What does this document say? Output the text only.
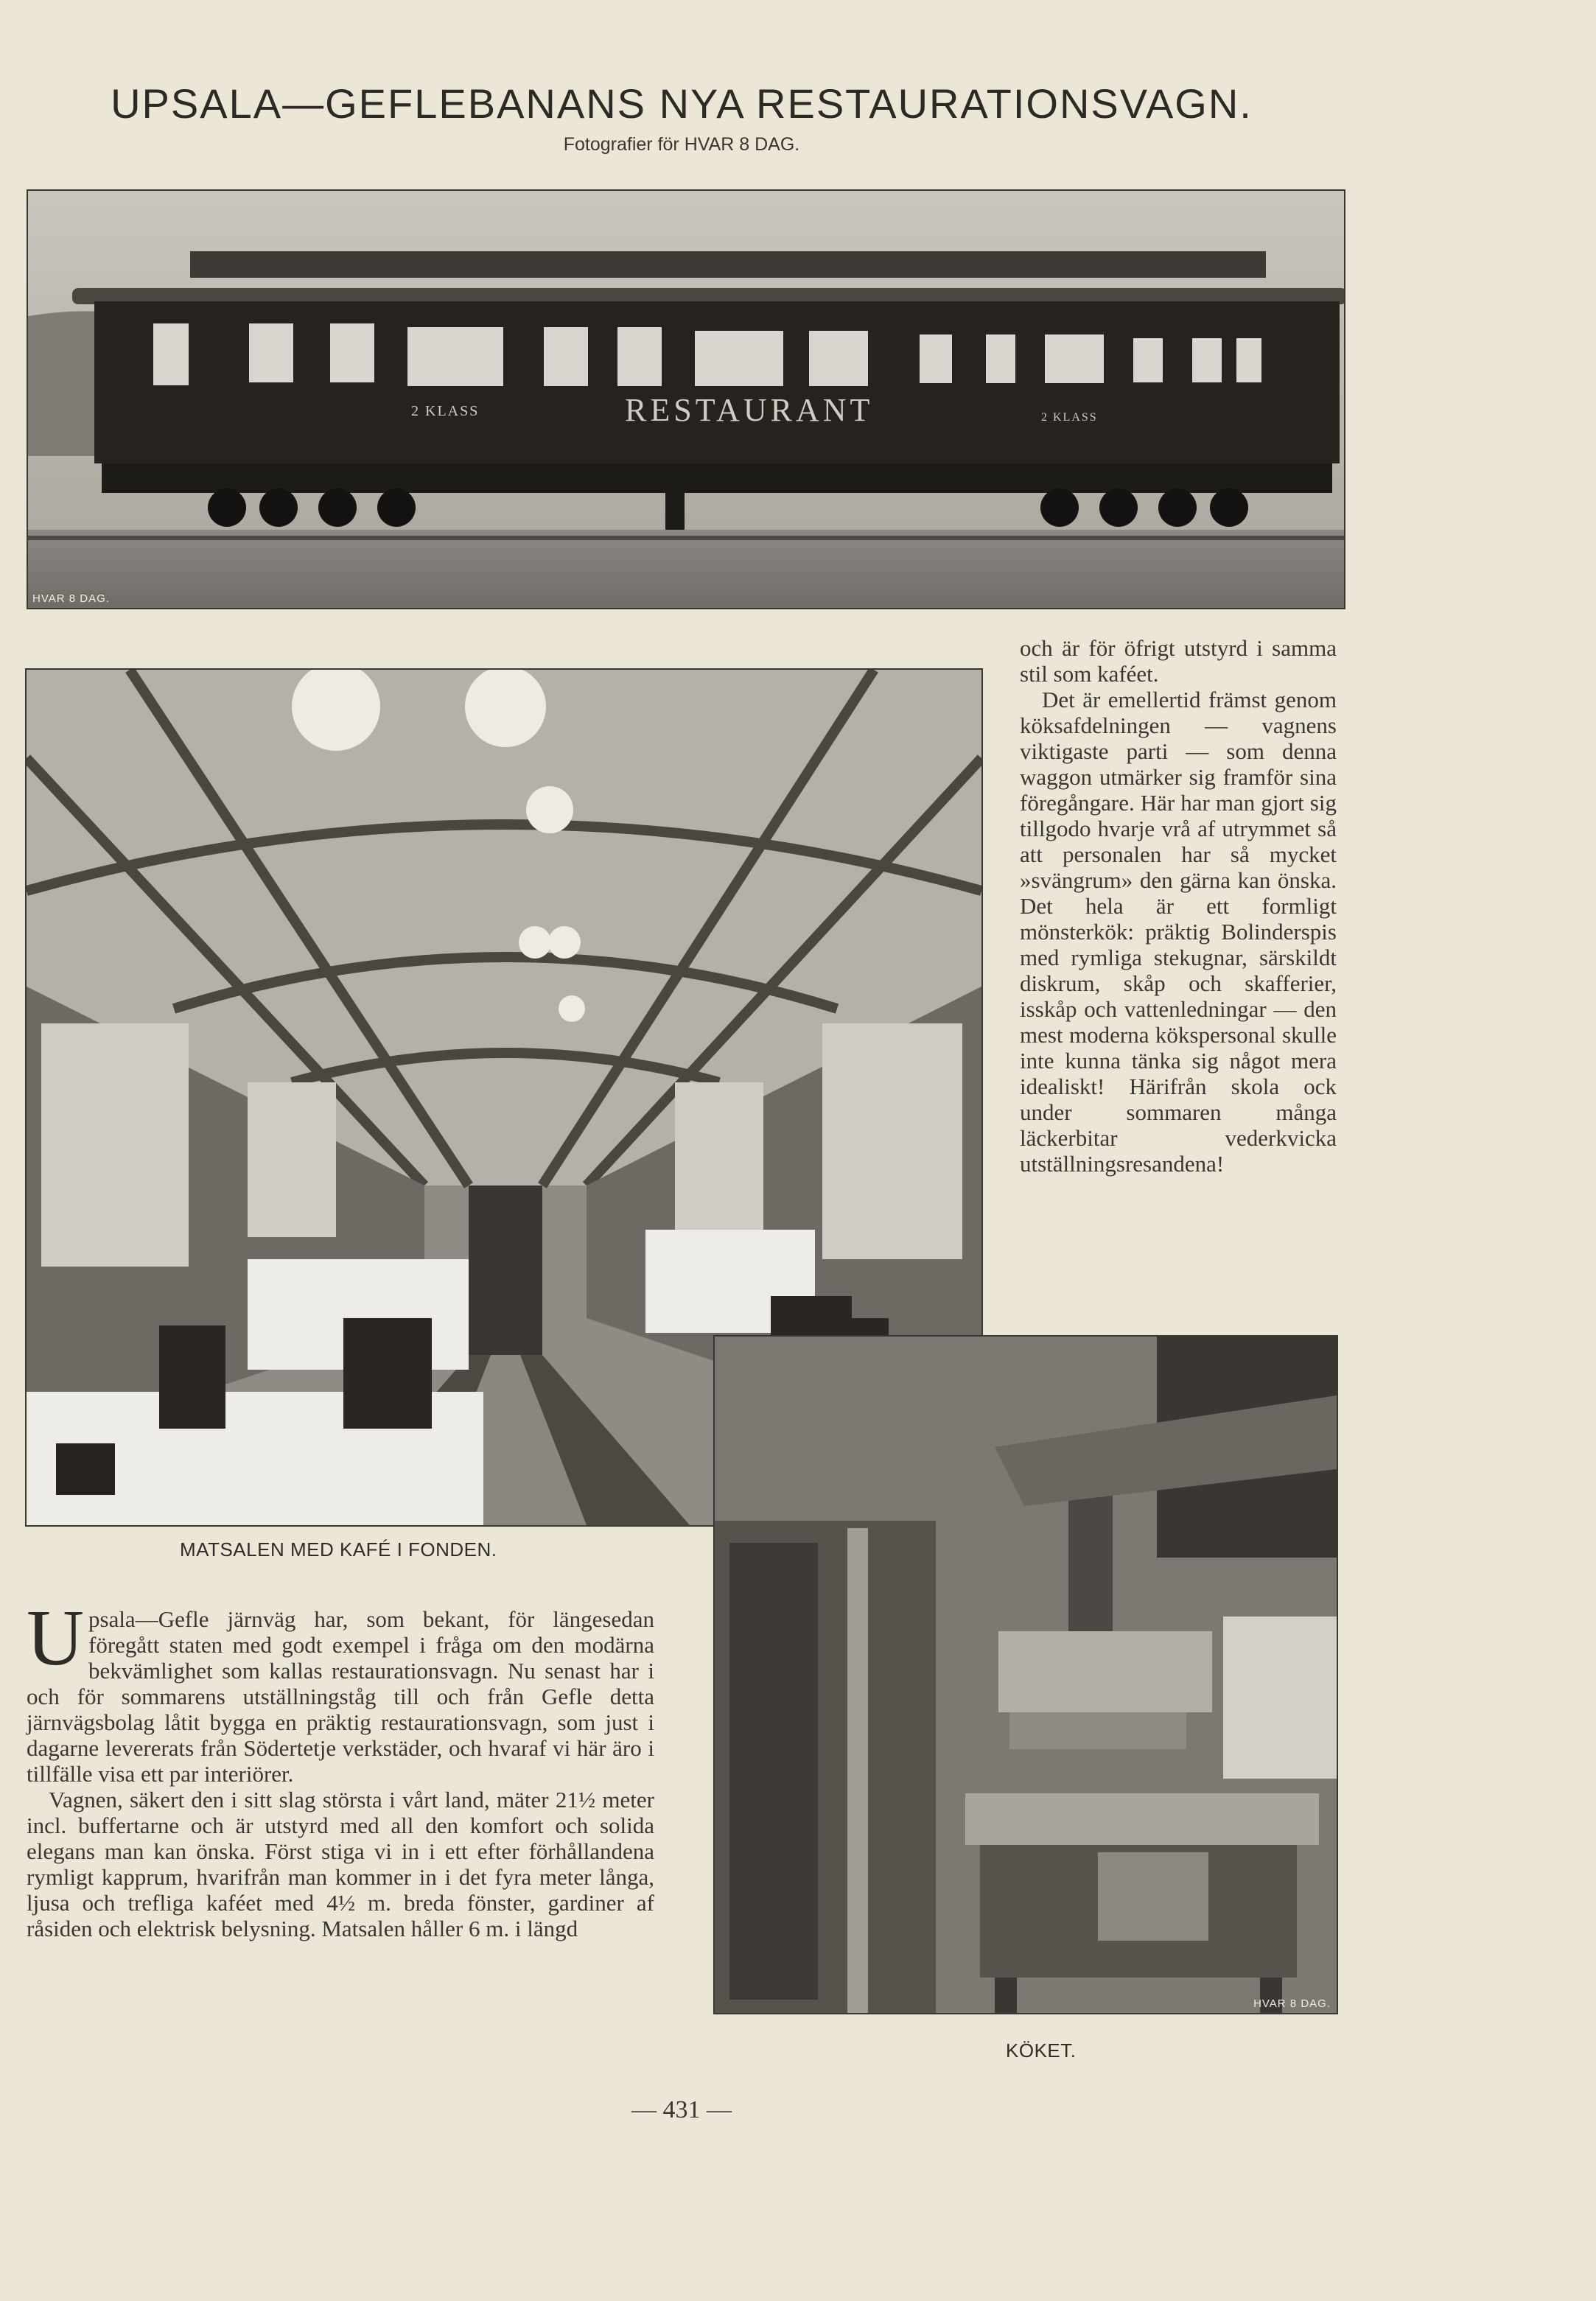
UPSALA—GEFLEBANANS NYA RESTAURATIONSVAGN.
Fotografier för HVAR 8 DAG.
2 KLASS	RESTAURANT	2 KLASS
HVAR 8 DAG.
HVAR 8 DAG.

och är för öfrigt utstyrd i samma stil som kaféet.

Det är emellertid främst genom köksafdelningen — vagnens viktigaste parti — som denna waggon utmärker sig framför sina föregångare. Här har man gjort sig tillgodo hvarje vrå af utrymmet så att personalen har så mycket »svängrum» den gärna kan önska. Det hela är ett formligt mönsterkök: präktig Bolinderspis med rymliga stekugnar, särskildt diskrum, skåp och skafferier, isskåp och vattenledningar — den mest moderna kökspersonal skulle inte kunna tänka sig något mera idealiskt! Härifrån skola ock under sommaren många läckerbitar vederkvicka utställningsresandena!

MATSALEN MED KAFÉ I FONDEN.
KÖKET.

U psala—Gefle järnväg har, som bekant, för längesedan föregått staten med godt exempel i fråga om den modärna bekvämlighet som kallas restaurationsvagn. Nu senast har i och för sommarens utställningståg till och från Gefle detta järnvägsbolag låtit bygga en präktig restaurationsvagn, som just i dagarne levererats från Södertetje verkstäder, och hvaraf vi här äro i tillfälle visa ett par interiörer.

Vagnen, säkert den i sitt slag största i vårt land, mäter 21½ meter incl. buffertarne och är utstyrd med all den komfort och solida elegans man kan önska. Först stiga vi in i ett efter förhållandena rymligt kapprum, hvarifrån man kommer in i det fyra meter långa, ljusa och trefliga kaféet med 4½ m. breda fönster, gardiner af råsiden och elektrisk belysning. Matsalen håller 6 m. i längd

— 431 —
